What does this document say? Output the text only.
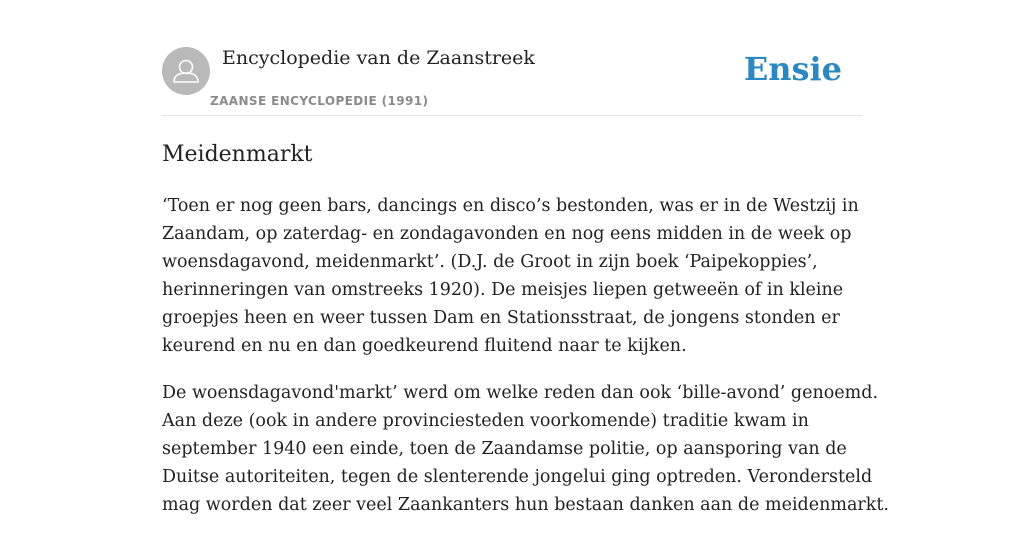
Encyclopedie van de Zaanstreek
ZAANSE ENCYCLOPEDIE (1991)
Ensie
Meidenmarkt

‘Toen er nog geen bars, dancings en disco’s bestonden, was er in de Westzij in
Zaandam, op zaterdag- en zondagavonden en nog eens midden in de week op
woensdagavond, meidenmarkt’. (D.J. de Groot in zijn boek ‘Paipekoppies’,
herinneringen van omstreeks 1920). De meisjes liepen getweeën of in kleine
groepjes heen en weer tussen Dam en Stationsstraat, de jongens stonden er
keurend en nu en dan goedkeurend fluitend naar te kijken.

De woensdagavond'markt’ werd om welke reden dan ook ‘bille-avond’ genoemd.
Aan deze (ook in andere provinciesteden voorkomende) traditie kwam in
september 1940 een einde, toen de Zaandamse politie, op aansporing van de
Duitse autoriteiten, tegen de slenterende jongelui ging optreden. Verondersteld
mag worden dat zeer veel Zaankanters hun bestaan danken aan de meidenmarkt.
